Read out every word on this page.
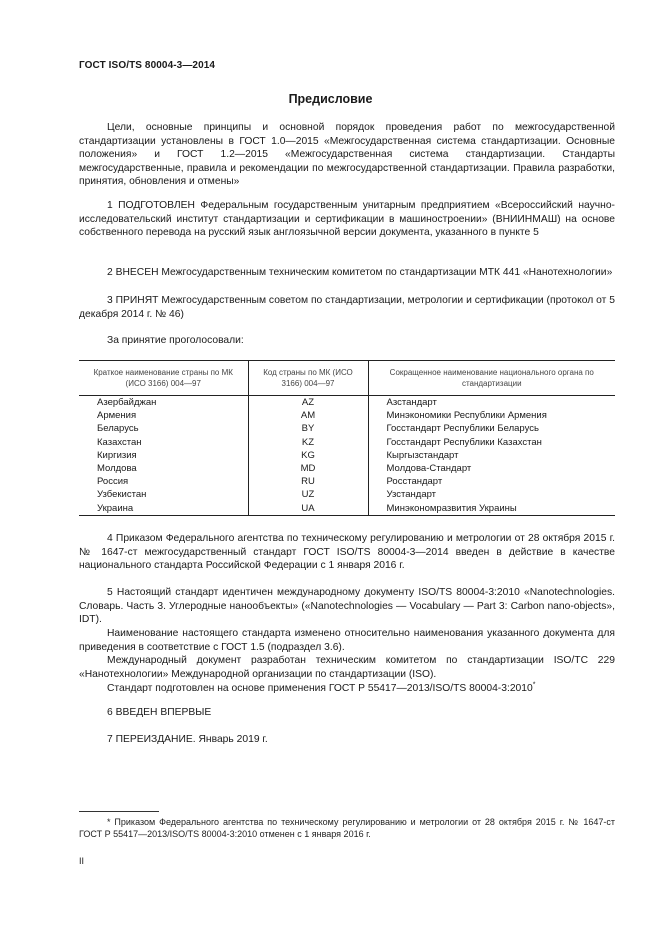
ГОСТ ISO/TS 80004-3—2014
Предисловие

Цели, основные принципы и основной порядок проведения работ по межгосударственной стандартизации установлены в ГОСТ 1.0—2015 «Межгосударственная система стандартизации. Основные положения» и ГОСТ 1.2—2015 «Межгосударственная система стандартизации. Стандарты межгосударственные, правила и рекомендации по межгосударственной стандартизации. Правила разработки, принятия, обновления и отмены»

1 ПОДГОТОВЛЕН Федеральным государственным унитарным предприятием «Всероссийский научно-исследовательский институт стандартизации и сертификации в машиностроении» (ВНИИНМАШ) на основе собственного перевода на русский язык англоязычной версии документа, указанного в пункте 5

2 ВНЕСЕН Межгосударственным техническим комитетом по стандартизации МТК 441 «Нанотехнологии»

3 ПРИНЯТ Межгосударственным советом по стандартизации, метрологии и сертификации (протокол от 5 декабря 2014 г. № 46)

За принятие проголосовали:

Краткое наименование страны по МК (ИСО 3166) 004—97	Код страны по МК (ИСО 3166) 004—97	Сокращенное наименование национального органа по стандартизации
Азербайджан	AZ	Азстандарт
Армения	AM	Минэкономики Республики Армения
Беларусь	BY	Госстандарт Республики Беларусь
Казахстан	KZ	Госстандарт Республики Казахстан
Киргизия	KG	Кыргызстандарт
Молдова	MD	Молдова-Стандарт
Россия	RU	Росстандарт
Узбекистан	UZ	Узстандарт
Украина	UA	Минэкономразвития Украины

4 Приказом Федерального агентства по техническому регулированию и метрологии от 28 октября 2015 г. № 1647-ст межгосударственный стандарт ГОСТ ISO/TS 80004-3—2014 введен в действие в качестве национального стандарта Российской Федерации с 1 января 2016 г.

5 Настоящий стандарт идентичен международному документу ISO/TS 80004-3:2010 «Nanotechnologies. Словарь. Часть 3. Углеродные нанообъекты» («Nanotechnologies — Vocabulary — Part 3: Carbon nano-objects», IDT).

Наименование настоящего стандарта изменено относительно наименования указанного документа для приведения в соответствие с ГОСТ 1.5 (подраздел 3.6).

Международный документ разработан техническим комитетом по стандартизации ISO/TC 229 «Нанотехнологии» Международной организации по стандартизации (ISO).

Стандарт подготовлен на основе применения ГОСТ Р 55417—2013/ISO/TS 80004-3:2010*

6 ВВЕДЕН ВПЕРВЫЕ

7 ПЕРЕИЗДАНИЕ. Январь 2019 г.

* Приказом Федерального агентства по техническому регулированию и метрологии от 28 октября 2015 г. № 1647-ст ГОСТ Р 55417—2013/ISO/TS 80004-3:2010 отменен с 1 января 2016 г.

II
